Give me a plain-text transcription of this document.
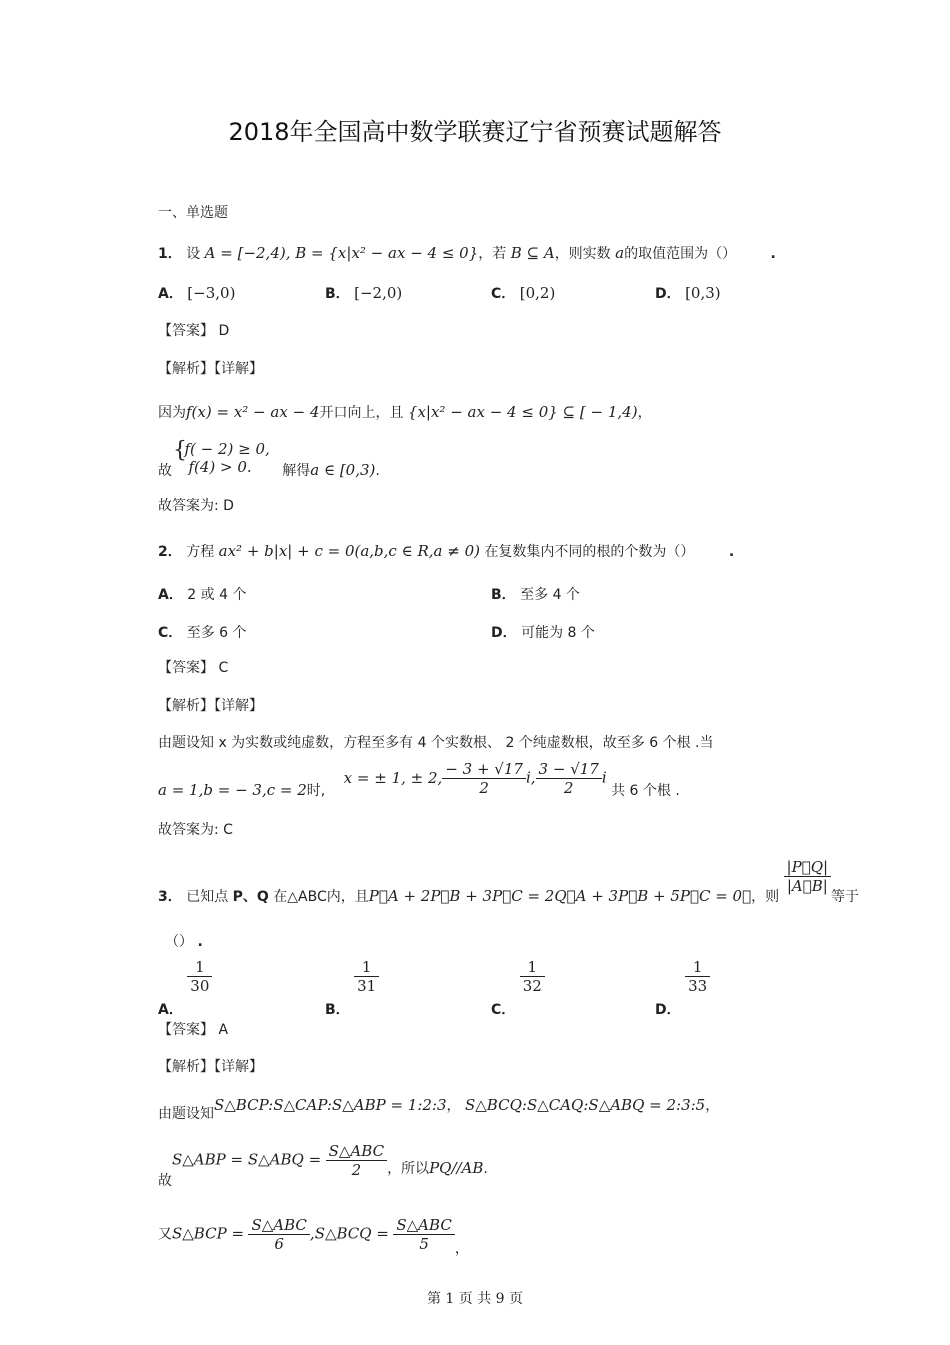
2018年全国高中数学联赛辽宁省预赛试题解答
一、单选题
1． 设 A = [−2,4), B = {x|x² − ax − 4 ≤ 0}，若 B ⊆ A，则实数 a的取值范围为（） .
A． [−3,0)	B． [−2,0)	C． [0,2)	D． [0,3)
【答案】 D
【解析】【详解】
因为f(x) = x² − ax − 4开口向上，且 {x|x² − ax − 4 ≤ 0} ⊆ [ − 1,4)，
故
{
f( − 2) ≥ 0,
f(4) > 0.	解得a ∈ [0,3).
故答案为: D
2． 方程 ax² + b|x| + c = 0(a,b,c ∈ R,a ≠ 0) 在复数集内不同的根的个数为（） .
A． 2 或 4 个	B． 至多 4 个
C． 至多 6 个	D． 可能为 8 个
【答案】 C
【解析】【详解】
由题设知 x 为实数或纯虚数，方程至多有 4 个实数根、 2 个纯虚数根，故至多 6 个根 .当
a = 1,b = − 3,c = 2时, x = ± 1, ± 2, $\frac{- 3 + √17}{2} i$, $\frac{3 - √17}{2}$ i 共 6 个根 .
故答案为: C
3． 已知点 P、Q 在△ABC内，且P⃗A + 2P⃗B + 3P⃗C = 2Q⃗A + 3P⃗B + 5P⃗C = 0⃗，则
$\frac{|P⃗Q|}{|A⃗B|}$
等于
（） .
A．
$\frac{1}{30}$
B．
$\frac{1}{31}$
C．
$\frac{1}{32}$
D．
$\frac{1}{33}$
【答案】 A
【解析】【详解】
由题设知S△BCP:S△CAP:S△ABP = 1:2:3， S△BCQ:S△CAQ:S△ABQ = 2:3:5，
故S△ABP = S△ABQ = $\frac{\text{S△ABC}}{2}$ ，所以PQ//AB.
又S△BCP = $\frac{\text{S△ABC}}{6}$ ,S△BCQ = $\frac{\text{S△ABC}}{5}$ ，
第 1 页 共 9 页
